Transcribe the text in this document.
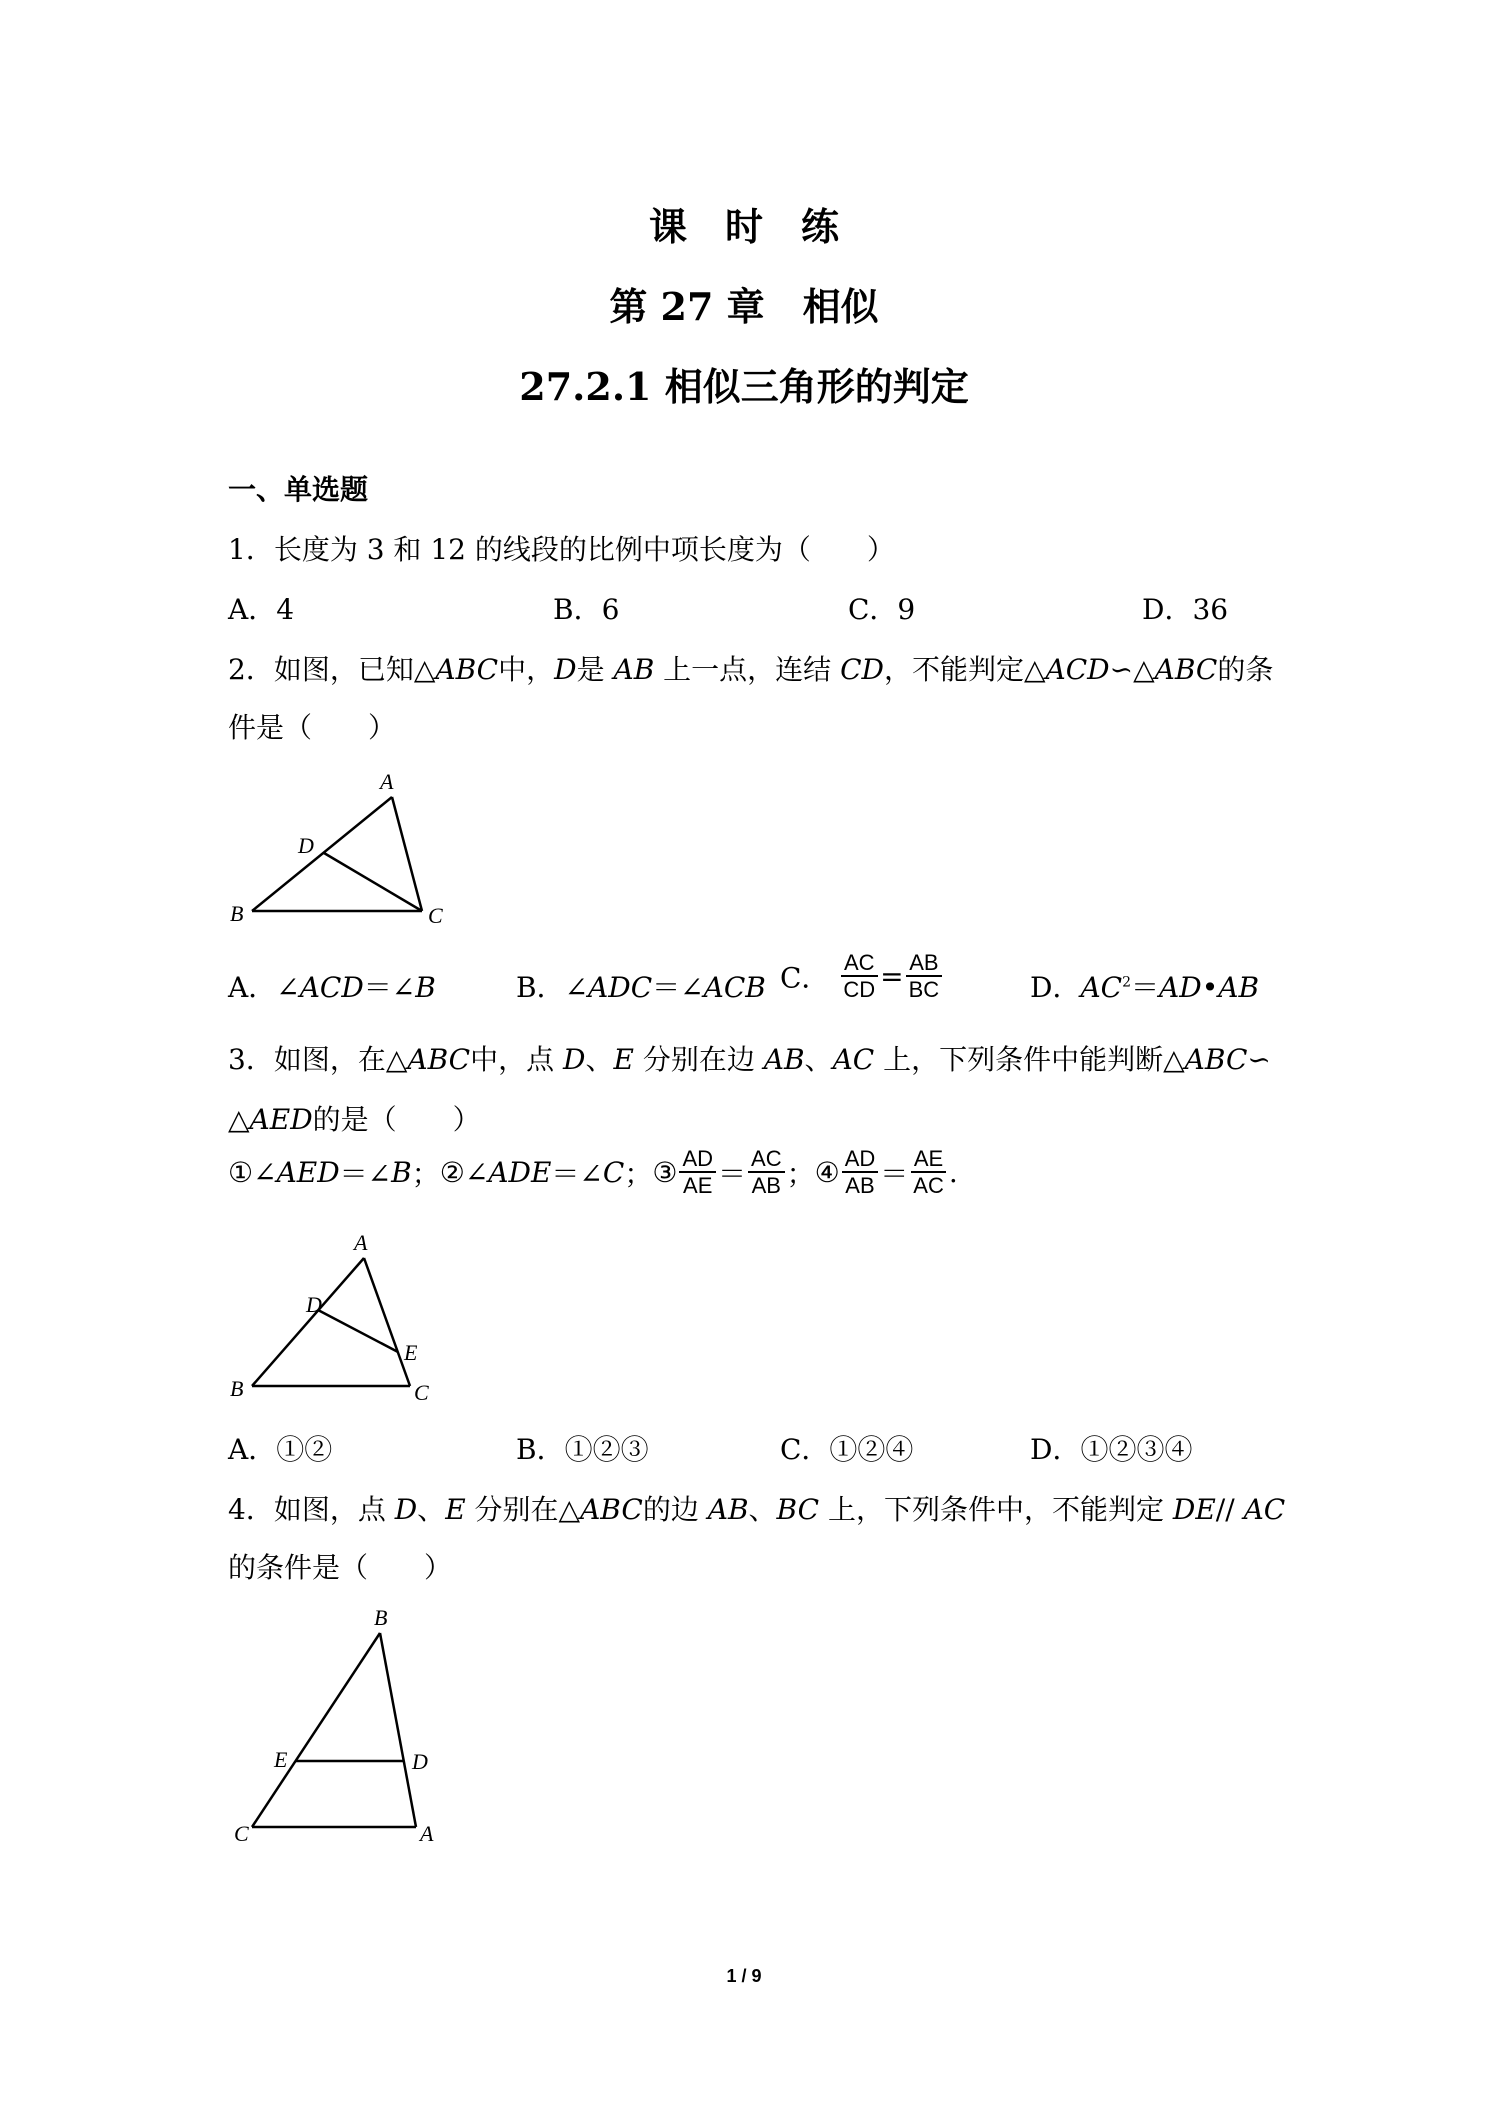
课　时　练
第 27 章　相似
27.2.1 相似三角形的判定
一、单选题
1．长度为 3 和 12 的线段的比例中项长度为（　　）
A．4	B．6	C．9	D．36
2．如图，已知△ABC中，D是 AB 上一点，连结 CD，不能判定△ACD∽△ABC的条
件是（　　）
A
B	C
D
A．∠ACD＝∠B	B．∠ADC＝∠ACB C． $\frac{AC}{CD} = \frac{AB}{BC}$	D．$AC^2=AD•AB$
3．如图，在△ABC中，点 D、E 分别在边 AB、AC 上，下列条件中能判断△ABC∽
△AED的是（　　）
①∠AED＝∠B；②∠ADE＝∠C；③ $\frac{AD}{AE} = \frac{AC}{AB}$ ；④ $\frac{AD}{AB} = \frac{AE}{AC}$ .
A
B	C
D
E
A．①②	B．①②③	C．①②④	D．①②③④
4．如图，点 D、E 分别在△ABC的边 AB、BC 上，下列条件中，不能判定 DE// AC
的条件是（　　）
B
C	A
E	D
1 / 9
